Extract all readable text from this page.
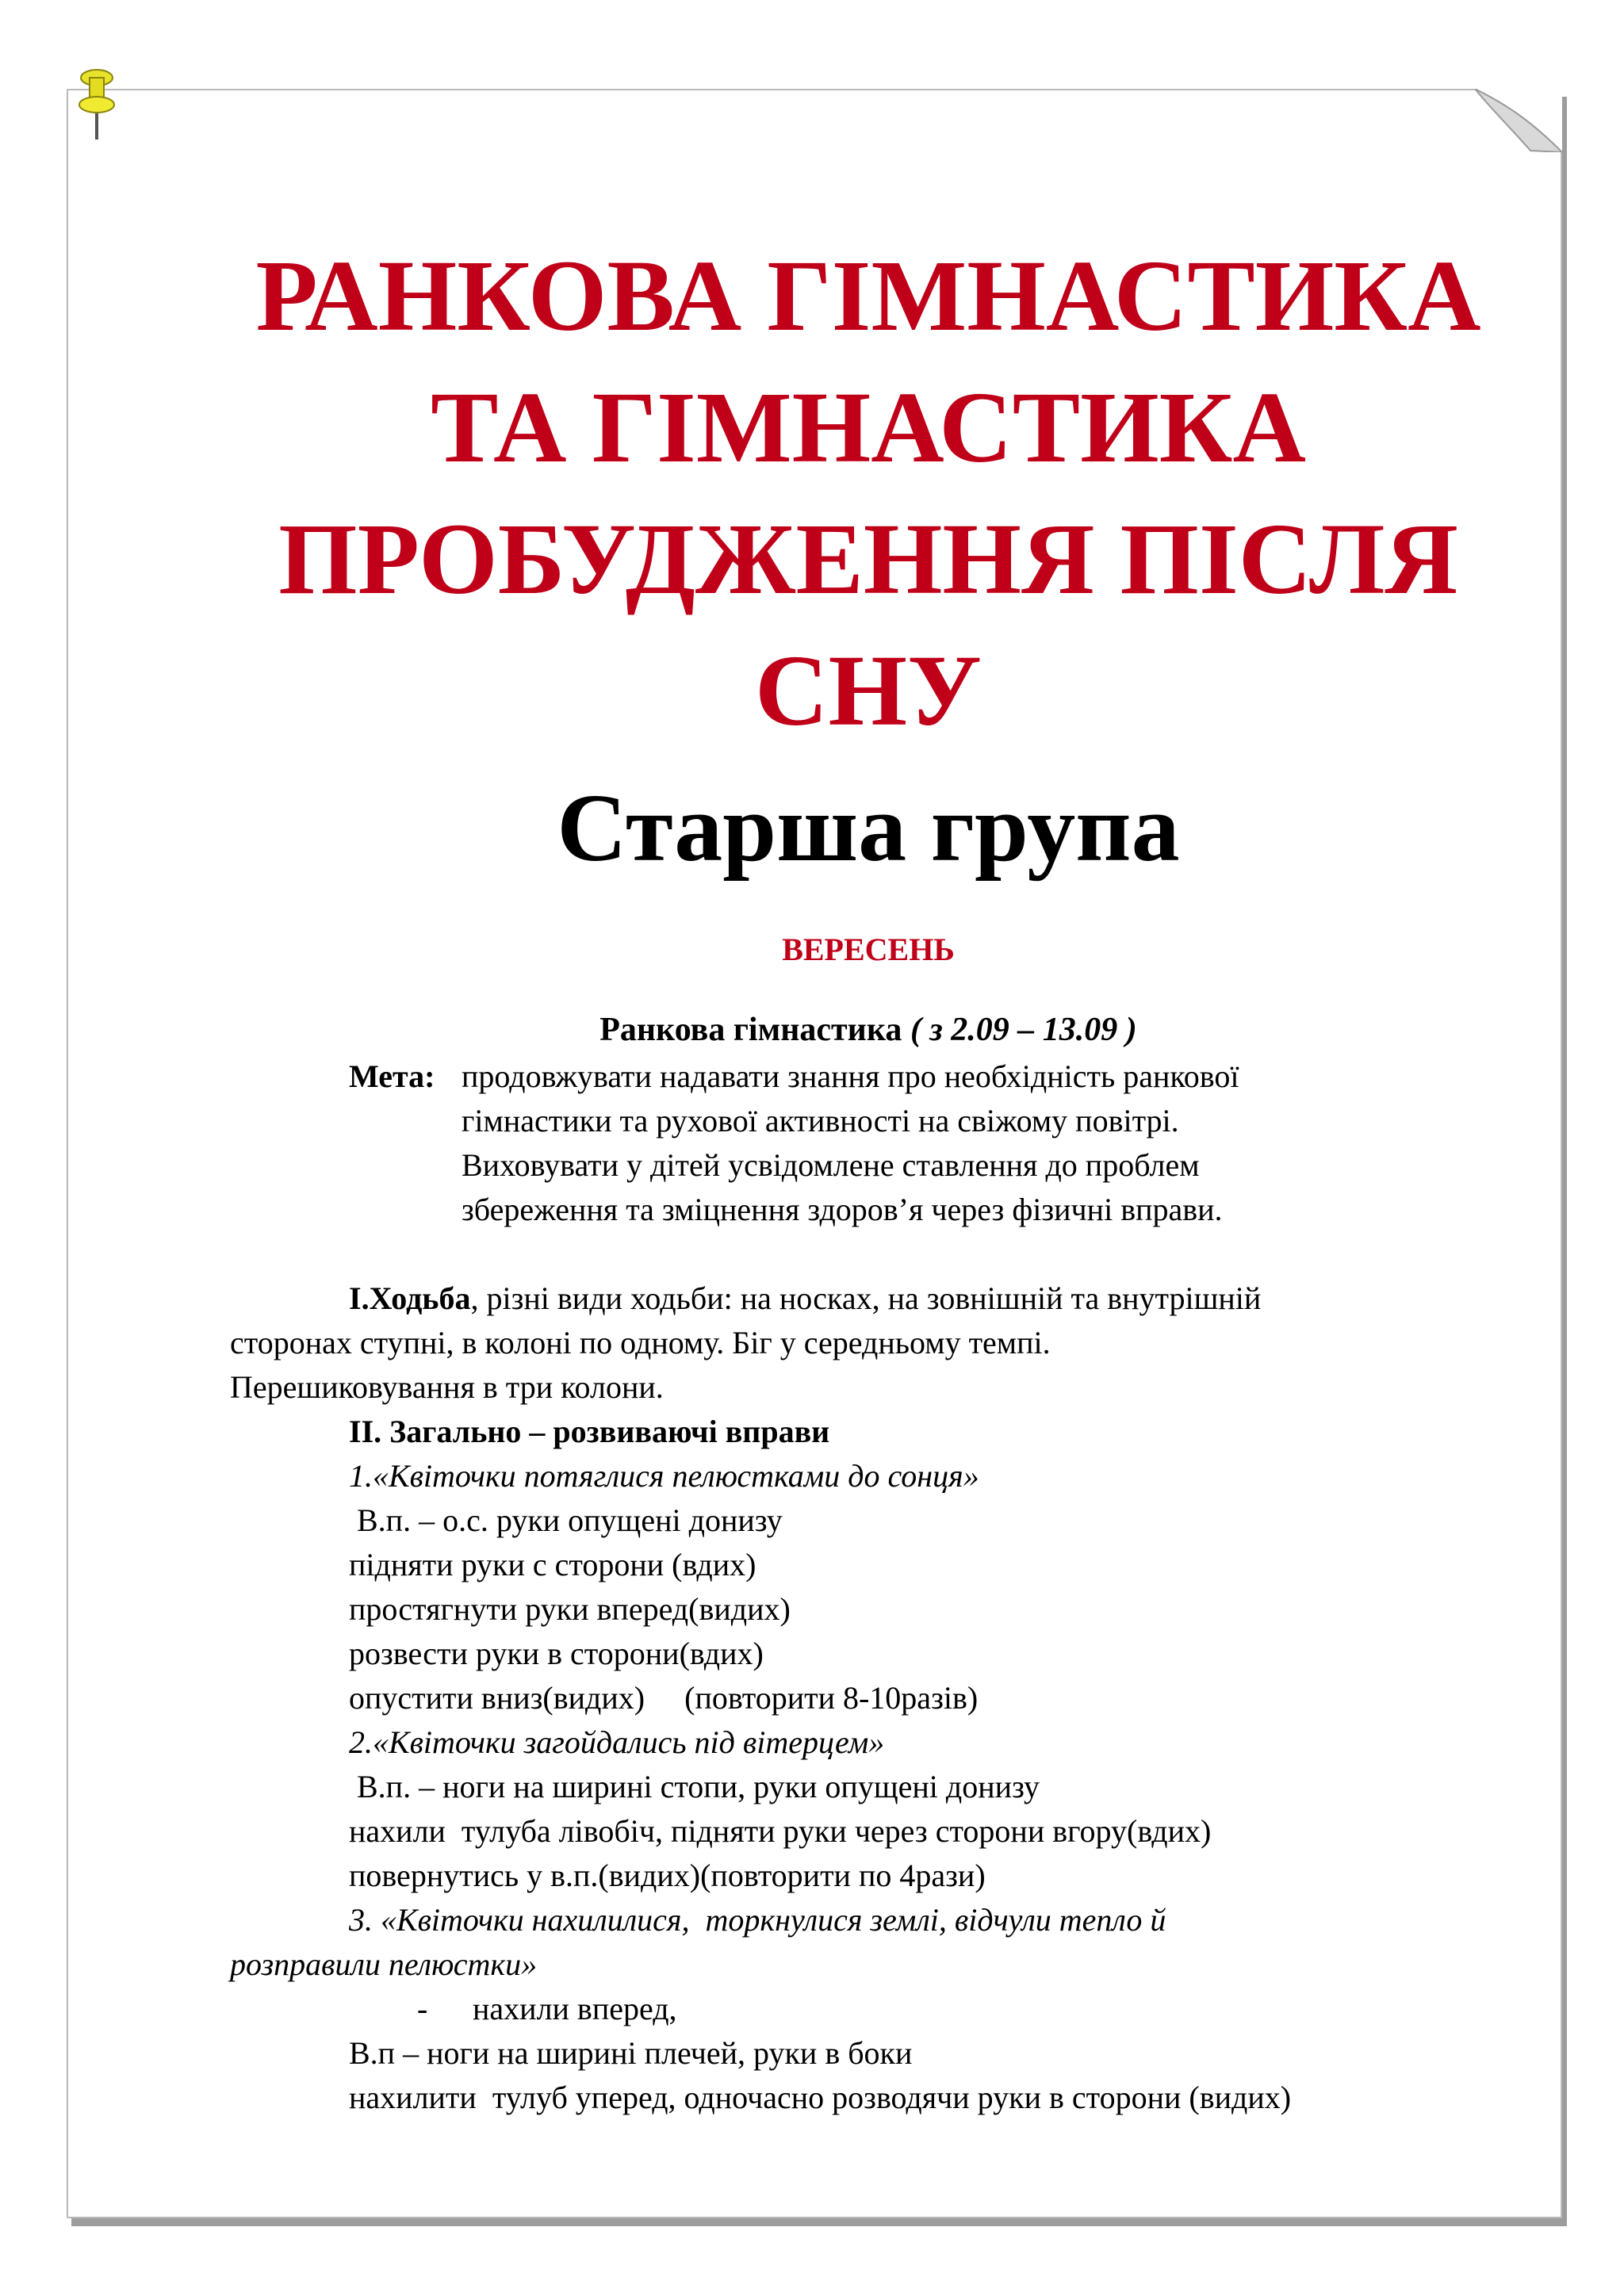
РАНКОВА ГІМНАСТИКА
ТА ГІМНАСТИКА
ПРОБУДЖЕННЯ ПІСЛЯ
СНУ
Старша група
ВЕРЕСЕНЬ
Ранкова гімнастика ( з 2.09 – 13.09 )
Мета: продовжувати надавати знання про необхідність ранкової
гімнастики та рухової активності на свіжому повітрі.
Виховувати у дітей усвідомлене ставлення до проблем
збереження та зміцнення здоров’я через фізичні вправи.
І.Ходьба, різні види ходьби: на носках, на зовнішній та внутрішній
сторонах ступні, в колоні по одному. Біг у середньому темпі.
Перешиковування в три колони.
ІІ. Загально – розвиваючі вправи
1.«Квіточки потяглися пелюстками до сонця»
В.п. – о.с. руки опущені донизу
підняти руки с сторони (вдих)
простягнути руки вперед(видих)
розвести руки в сторони(вдих)
опустити вниз(видих)     (повторити 8-10разів)
2.«Квіточки загойдались під вітерцем»
В.п. – ноги на ширині стопи, руки опущені донизу
нахили  тулуба лівобіч, підняти руки через сторони вгору(вдих)
повернутись у в.п.(видих)(повторити по 4рази)
3. «Квіточки нахилилися,  торкнулися землі, відчули тепло й
розправили пелюстки»
- нахили вперед,
В.п – ноги на ширині плечей, руки в боки
нахилити  тулуб уперед, одночасно розводячи руки в сторони (видих)
